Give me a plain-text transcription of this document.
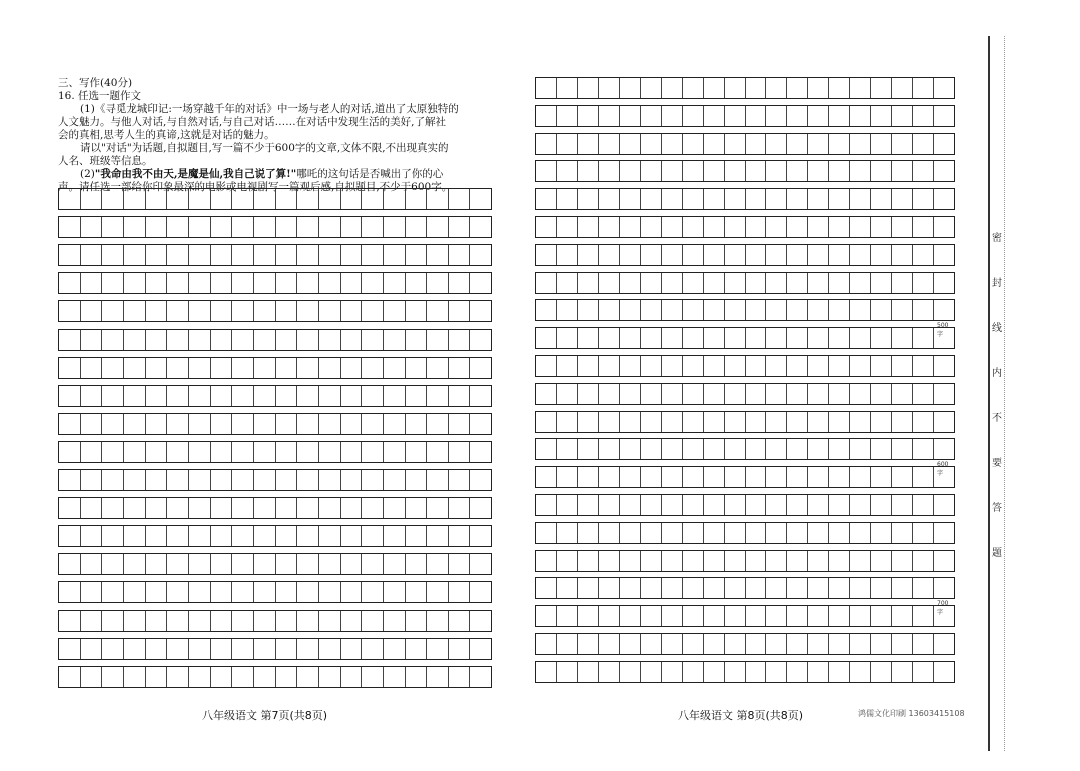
三、写作(40分)
16. 任选一题作文
(1)《寻觅龙城印记:一场穿越千年的对话》中一场与老人的对话,道出了太原独特的
人文魅力。与他人对话,与自然对话,与自己对话……在对话中发现生活的美好,了解社
会的真相,思考人生的真谛,这就是对话的魅力。
请以"对话"为话题,自拟题目,写一篇不少于600字的文章,文体不限,不出现真实的
人名、班级等信息。
(2)"我命由我不由天,是魔是仙,我自己说了算!"哪吒的这句话是否喊出了你的心
声。请任选一部给你印象最深的电影或电视剧写一篇观后感,自拟题目,不少于600字。
八年级语文 第7页(共8页)	八年级语文 第8页(共8页)
500字
600字
700字
鸿儒文化印刷 13603415108
密
封
线
内
不
要
答
题
